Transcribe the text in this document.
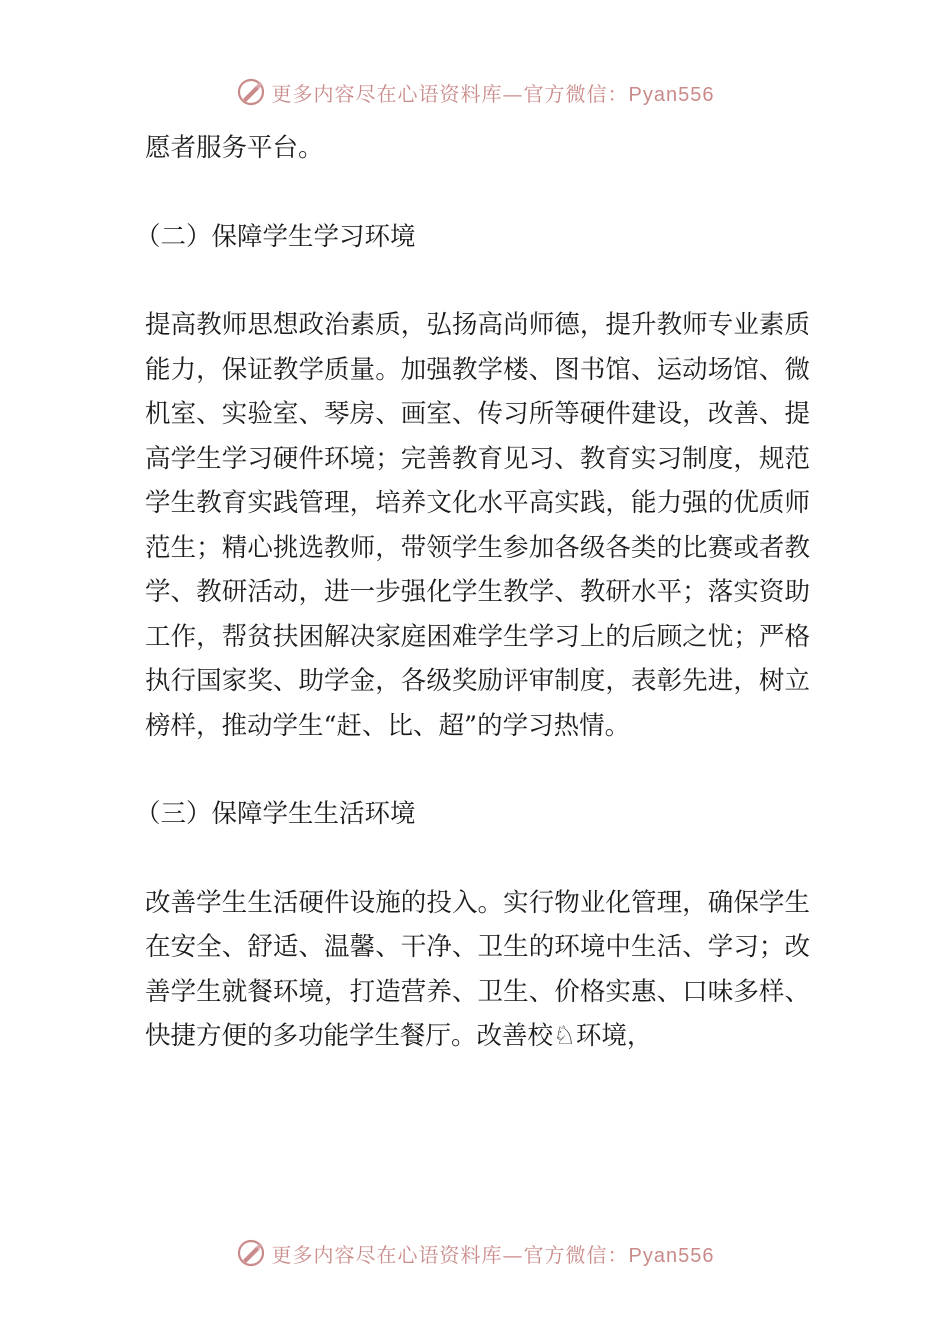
更多内容尽在心语资料库—官方微信：Pyan556

愿者服务平台。

（二）保障学生学习环境

提高教师思想政治素质，弘扬高尚师德，提升教师专业素质能力，保证教学质量。加强教学楼、图书馆、运动场馆、微机室、实验室、琴房、画室、传习所等硬件建设，改善、提高学生学习硬件环境；完善教育见习、教育实习制度，规范学生教育实践管理，培养文化水平高实践，能力强的优质师范生；精心挑选教师，带领学生参加各级各类的比赛或者教学、教研活动，进一步强化学生教学、教研水平；落实资助工作，帮贫扶困解决家庭困难学生学习上的后顾之忧；严格执行国家奖、助学金，各级奖励评审制度，表彰先进，树立榜样，推动学生“赶、比、超”的学习热情。

（三）保障学生生活环境

改善学生生活硬件设施的投入。实行物业化管理，确保学生在安全、舒适、温馨、干净、卫生的环境中生活、学习；改善学生就餐环境，打造营养、卫生、价格实惠、口味多样、快捷方便的多功能学生餐厅。改善校♘环境，

更多内容尽在心语资料库—官方微信：Pyan556
